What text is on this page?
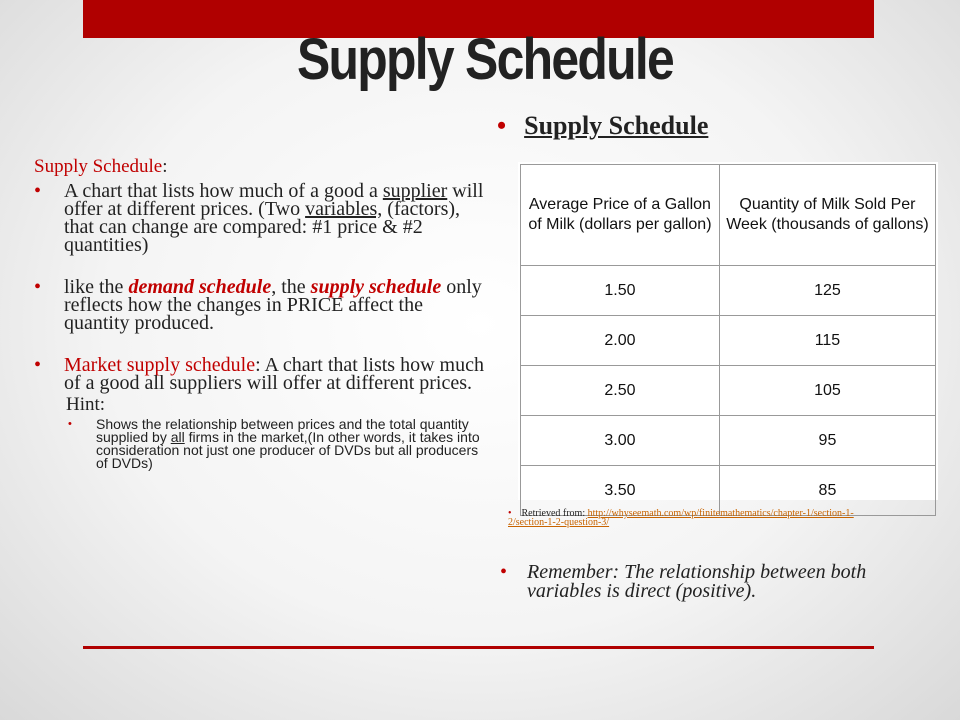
Supply Schedule
Supply Schedule:

• A chart that lists how much of a good a supplier will offer at different prices. (Two variables, (factors), that can change are compared: #1 price & #2 quantities)

• like the demand schedule, the supply schedule only reflects how the changes in PRICE affect the quantity produced.

• Market supply schedule: A chart that lists how much of a good all suppliers will offer at different prices.

Hint:
• Shows the relationship between prices and the total quantity supplied by all firms in the market,(In other words, it takes into consideration not just one producer of DVDs but all producers of DVDs)
• Supply Schedule
Average Price of a Gallon of Milk (dollars per gallon)	Quantity of Milk Sold Per Week (thousands of gallons)
1.50	125
2.00	115
2.50	105
3.00	95
3.50	85
• Retrieved from: http://whyseemath.com/wp/finitemathematics/chapter-1/section-1-2/section-1-2-question-3/
• Remember: The relationship between both variables is direct (positive).
